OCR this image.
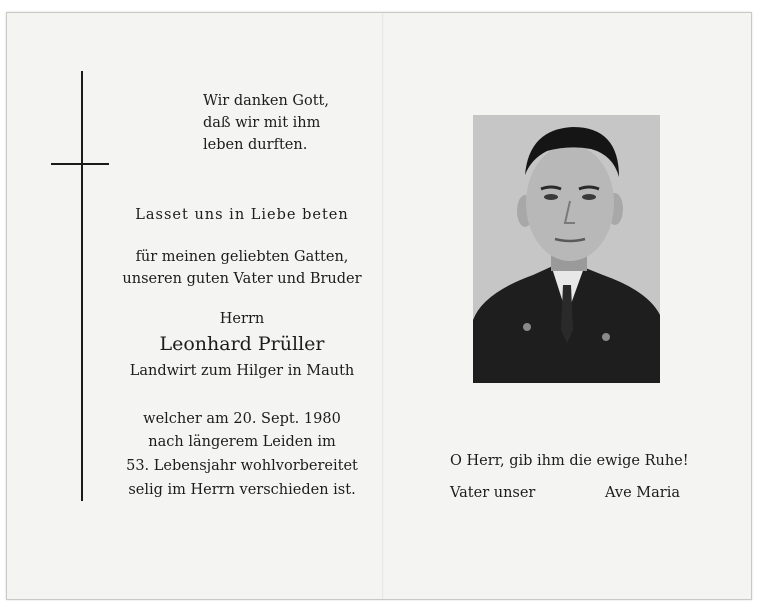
Wir danken Gott,
daß wir mit ihm
leben durften.
Lasset uns in Liebe beten
für meinen geliebten Gatten,
unseren guten Vater und Bruder
Herrn
Leonhard Prüller
Landwirt zum Hilger in Mauth
welcher am 20. Sept. 1980
nach längerem Leiden im
53. Lebensjahr wohlvorbereitet
selig im Herrn verschieden ist.
O Herr, gib ihm die ewige Ruhe!
Vater unser	Ave Maria
